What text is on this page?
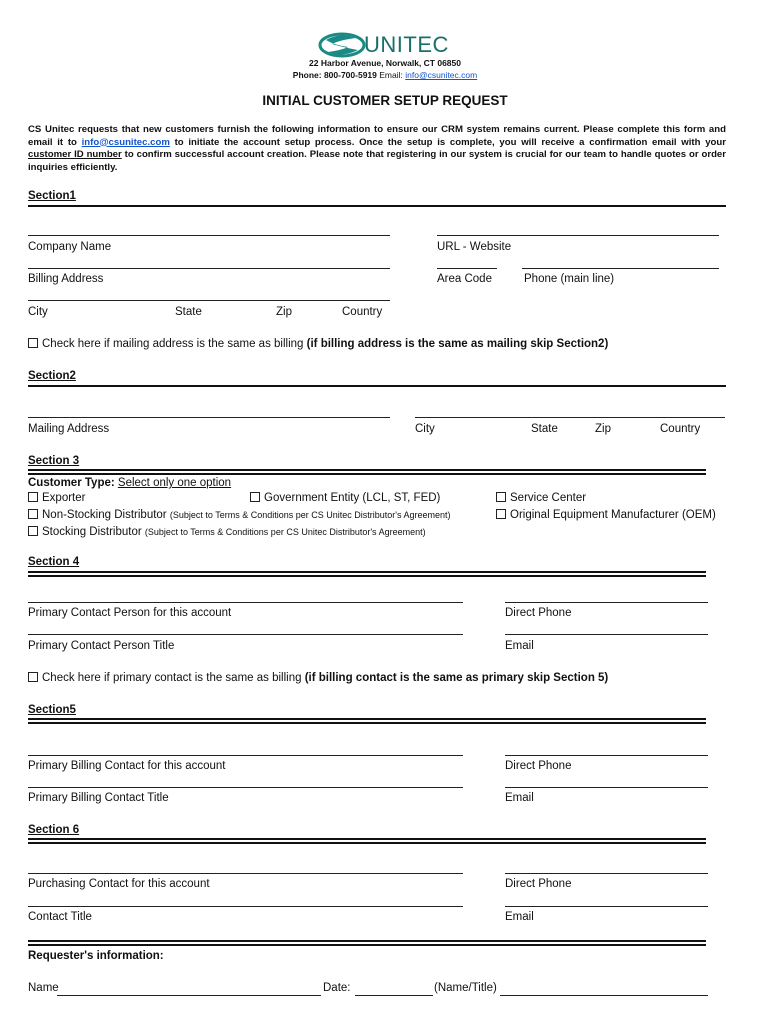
UNITEC
22 Harbor Avenue, Norwalk, CT 06850
Phone: 800-700-5919 Email: info@csunitec.com
INITIAL CUSTOMER SETUP REQUEST
CS Unitec requests that new customers furnish the following information to ensure our CRM system remains current. Please complete this form and email it to info@csunitec.com to initiate the account setup process. Once the setup is complete, you will receive a confirmation email with your customer ID number to confirm successful account creation. Please note that registering in our system is crucial for our team to handle quotes or order inquiries efficiently.
Section1
Company Name	URL - Website
Billing Address	Area Code	Phone (main line)
City	State	Zip	Country
Check here if mailing address is the same as billing (if billing address is the same as mailing skip Section2)
Section2
Mailing Address	City	State	Zip	Country
Section 3
Customer Type: Select only one option
Exporter	Government Entity (LCL, ST, FED)	Service Center
Non-Stocking Distributor (Subject to Terms & Conditions per CS Unitec Distributor's Agreement)	Original Equipment Manufacturer (OEM)
Stocking Distributor (Subject to Terms & Conditions per CS Unitec Distributor's Agreement)
Section 4
Primary Contact Person for this account	Direct Phone
Primary Contact Person Title	Email
Check here if primary contact is the same as billing (if billing contact is the same as primary skip Section 5)
Section5
Primary Billing Contact for this account	Direct Phone
Primary Billing Contact Title	Email
Section 6
Purchasing Contact for this account	Direct Phone
Contact Title	Email
Requester's information:
Name	Date:	(Name/Title)
